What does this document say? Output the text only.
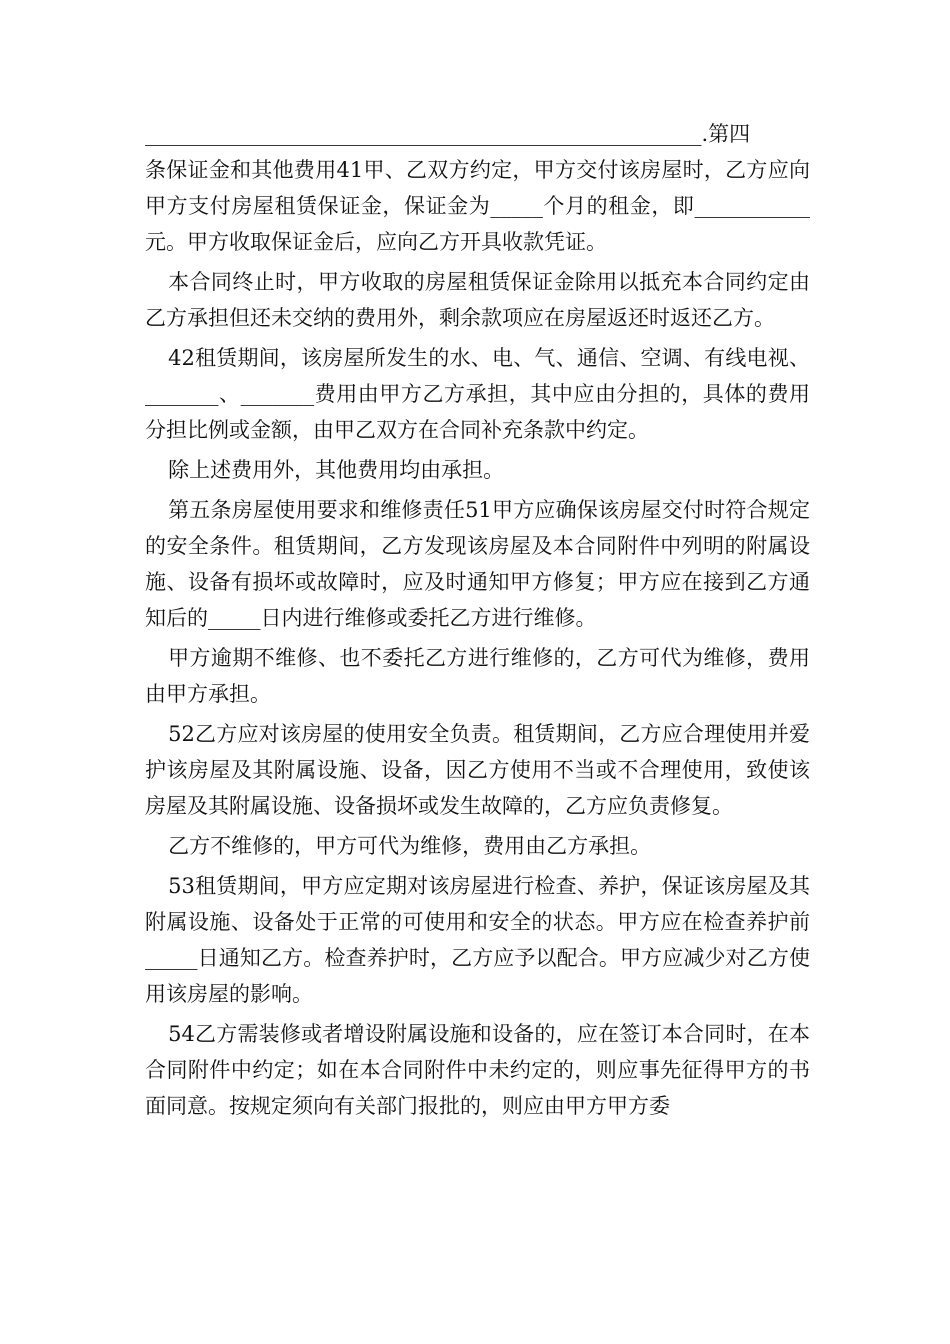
_____________________________________________________.第四

条保证金和其他费用41甲、乙双方约定，甲方交付该房屋时，乙方应向甲方支付房屋租赁保证金，保证金为_____个月的租金，即___________元。甲方收取保证金后，应向乙方开具收款凭证。

本合同终止时，甲方收取的房屋租赁保证金除用以抵充本合同约定由乙方承担但还未交纳的费用外，剩余款项应在房屋返还时返还乙方。

42租赁期间，该房屋所发生的水、电、气、通信、空调、有线电视、_______、_______费用由甲方乙方承担，其中应由分担的，具体的费用分担比例或金额，由甲乙双方在合同补充条款中约定。

除上述费用外，其他费用均由承担。

第五条房屋使用要求和维修责任51甲方应确保该房屋交付时符合规定的安全条件。租赁期间，乙方发现该房屋及本合同附件中列明的附属设施、设备有损坏或故障时，应及时通知甲方修复；甲方应在接到乙方通知后的_____日内进行维修或委托乙方进行维修。

甲方逾期不维修、也不委托乙方进行维修的，乙方可代为维修，费用由甲方承担。

52乙方应对该房屋的使用安全负责。租赁期间，乙方应合理使用并爱护该房屋及其附属设施、设备，因乙方使用不当或不合理使用，致使该房屋及其附属设施、设备损坏或发生故障的，乙方应负责修复。

乙方不维修的，甲方可代为维修，费用由乙方承担。

53租赁期间，甲方应定期对该房屋进行检查、养护，保证该房屋及其附属设施、设备处于正常的可使用和安全的状态。甲方应在检查养护前_____日通知乙方。检查养护时，乙方应予以配合。甲方应减少对乙方使用该房屋的影响。

54乙方需装修或者增设附属设施和设备的，应在签订本合同时，在本合同附件中约定；如在本合同附件中未约定的，则应事先征得甲方的书面同意。按规定须向有关部门报批的，则应由甲方甲方委
